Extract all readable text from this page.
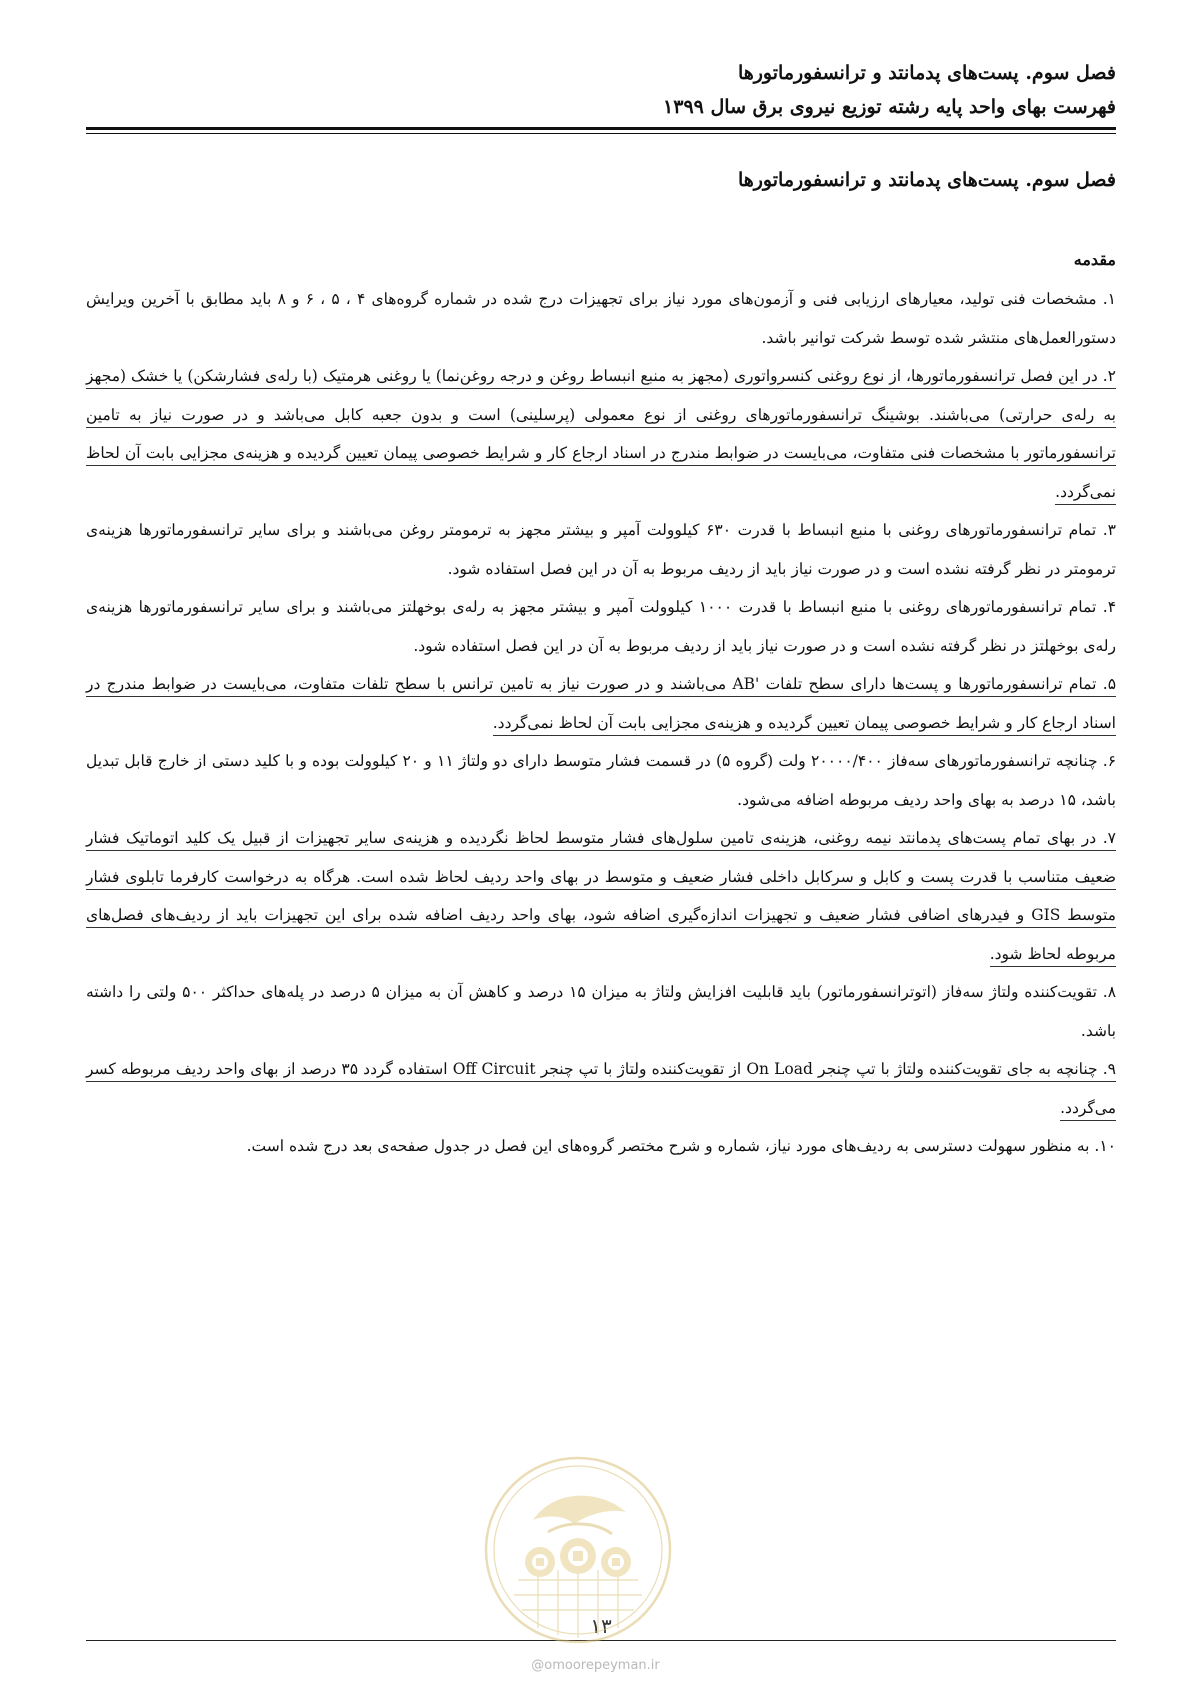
فصل سوم. پست‌های پدمانتد و ترانسفورماتورها
فهرست بهای واحد پایه رشته توزیع نیروی برق سال ۱۳۹۹
فصل سوم. پست‌های پدمانتد و ترانسفورماتورها
مقدمه

۱. مشخصات فنی تولید، معیارهای ارزیابی فنی و آزمون‌های مورد نیاز برای تجهیزات درج شده در شماره گروه‌های ۴ ، ۵ ، ۶ و ۸ باید مطابق با آخرین ویرایش دستورالعمل‌های منتشر شده توسط شرکت توانیر باشد.

۲. در این فصل ترانسفورماتورها، از نوع روغنی کنسرواتوری (مجهز به منبع انبساط روغن و درجه روغن‌نما) یا روغنی هرمتیک (با رله‌ی فشارشکن) یا خشک (مجهز به رله‌ی حرارتی) می‌باشند. بوشینگ ترانسفورماتورهای روغنی از نوع معمولی (پرسلینی) است و بدون جعبه کابل می‌باشد و در صورت نیاز به تامین ترانسفورماتور با مشخصات فنی متفاوت، می‌بایست در ضوابط مندرج در اسناد ارجاع کار و شرایط خصوصی پیمان تعیین گردیده و هزینه‌ی مجزایی بابت آن لحاظ نمی‌گردد.

۳. تمام ترانسفورماتورهای روغنی با منبع انبساط با قدرت ۶۳۰ کیلوولت آمپر و بیشتر مجهز به ترمومتر روغن می‌باشند و برای سایر ترانسفورماتورها هزینه‌ی ترمومتر در نظر گرفته نشده است و در صورت نیاز باید از ردیف مربوط به آن در این فصل استفاده شود.

۴. تمام ترانسفورماتورهای روغنی با منبع انبساط با قدرت ۱۰۰۰ کیلوولت آمپر و بیشتر مجهز به رله‌ی بوخهلتز می‌باشند و برای سایر ترانسفورماتورها هزینه‌ی رله‌ی بوخهلتز در نظر گرفته نشده است و در صورت نیاز باید از ردیف مربوط به آن در این فصل استفاده شود.

۵. تمام ترانسفورماتورها و پست‌ها دارای سطح تلفات 'AB می‌باشند و در صورت نیاز به تامین ترانس با سطح تلفات متفاوت، می‌بایست در ضوابط مندرج در اسناد ارجاع کار و شرایط خصوصی پیمان تعیین گردیده و هزینه‌ی مجزایی بابت آن لحاظ نمی‌گردد.

۶. چنانچه ترانسفورماتورهای سه‌فاز ۲۰۰۰۰/۴۰۰ ولت (گروه ۵) در قسمت فشار متوسط دارای دو ولتاژ ۱۱ و ۲۰ کیلوولت بوده و با کلید دستی از خارج قابل تبدیل باشد، ۱۵ درصد به بهای واحد ردیف مربوطه اضافه می‌شود.

۷. در بهای تمام پست‌های پدمانتد نیمه روغنی، هزینه‌ی تامین سلول‌های فشار متوسط لحاظ نگردیده و هزینه‌ی سایر تجهیزات از قبیل یک کلید اتوماتیک فشار ضعیف متناسب با قدرت پست و کابل و سرکابل داخلی فشار ضعیف و متوسط در بهای واحد ردیف لحاظ شده است. هرگاه به درخواست کارفرما تابلوی فشار متوسط GIS و فیدرهای اضافی فشار ضعیف و تجهیزات اندازه‌گیری اضافه شود، بهای واحد ردیف اضافه شده برای این تجهیزات باید از ردیف‌های فصل‌های مربوطه لحاظ شود.

۸. تقویت‌کننده ولتاژ سه‌فاز (اتوترانسفورماتور) باید قابلیت افزایش ولتاژ به میزان ۱۵ درصد و کاهش آن به میزان ۵ درصد در پله‌های حداکثر ۵۰۰ ولتی را داشته باشد.

۹. چنانچه به جای تقویت‌کننده ولتاژ با تپ چنجر On Load از تقویت‌کننده ولتاژ با تپ چنجر Off Circuit استفاده گردد ۳۵ درصد از بهای واحد ردیف مربوطه کسر می‌گردد.

۱۰. به منظور سهولت دسترسی به ردیف‌های مورد نیاز، شماره و شرح مختصر گروه‌های این فصل در جدول صفحه‌ی بعد درج شده است.

۱۳
@omoorepeyman.ir
